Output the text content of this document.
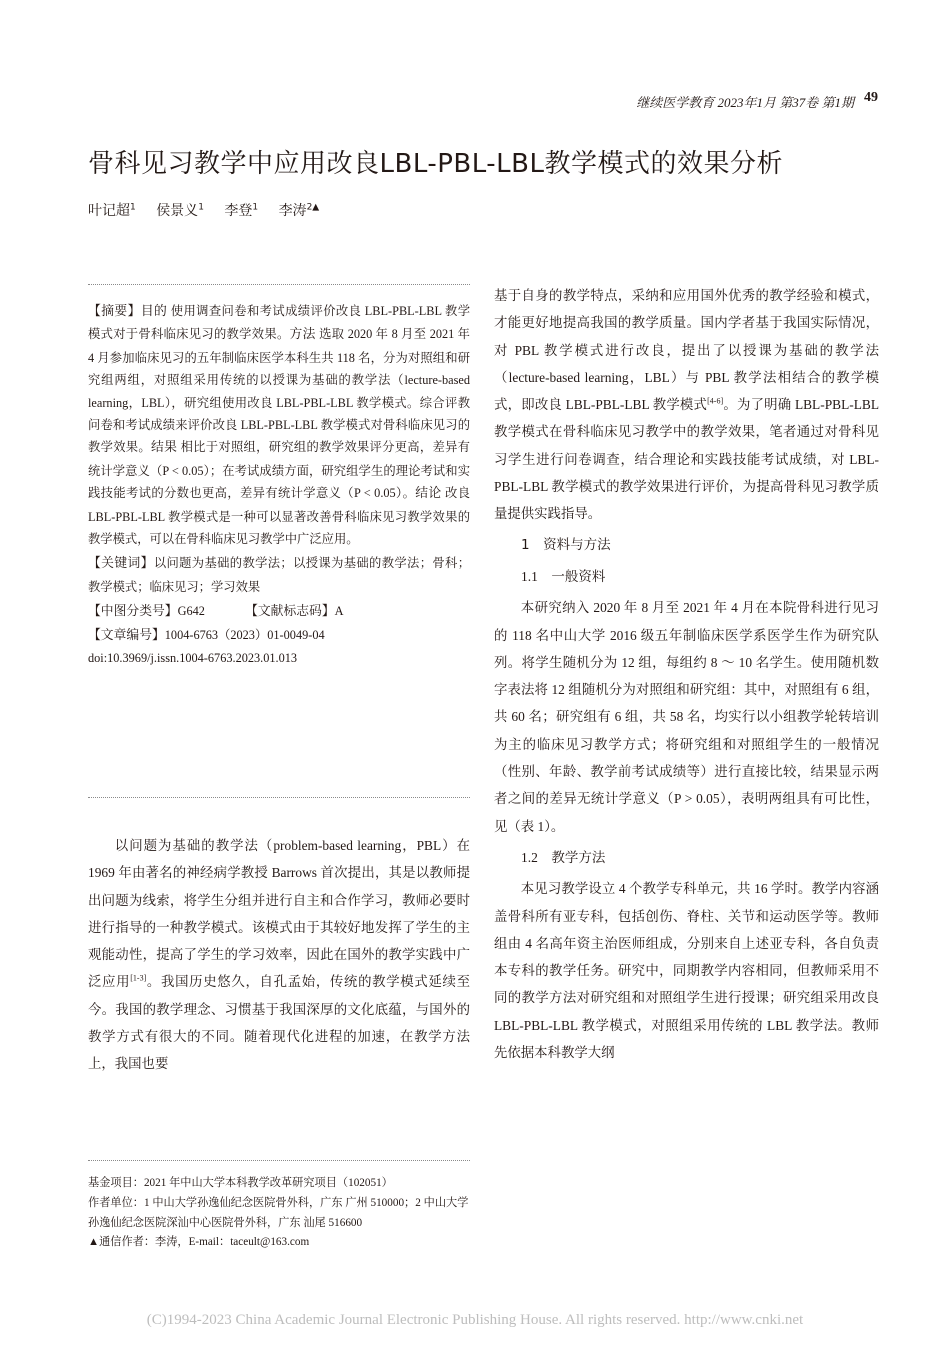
继续医学教育 2023年1月 第37卷 第1期 49
骨科见习教学中应用改良LBL-PBL-LBL教学模式的效果分析
叶记超$^1$ 侯景义$^1$ 李登$^1$ 李涛$^{2▲}$

【摘要】目的 使用调查问卷和考试成绩评价改良 LBL-PBL-LBL 教学模式对于骨科临床见习的教学效果。方法 选取 2020 年 8 月至 2021 年 4 月参加临床见习的五年制临床医学本科生共 118 名，分为对照组和研究组两组，对照组采用传统的以授课为基础的教学法（lecture-based learning，LBL），研究组使用改良 LBL-PBL-LBL 教学模式。综合评教问卷和考试成绩来评价改良 LBL-PBL-LBL 教学模式对骨科临床见习的教学效果。结果 相比于对照组，研究组的教学效果评分更高，差异有统计学意义（P < 0.05）；在考试成绩方面，研究组学生的理论考试和实践技能考试的分数也更高，差异有统计学意义（P < 0.05）。结论 改良 LBL-PBL-LBL 教学模式是一种可以显著改善骨科临床见习教学效果的教学模式，可以在骨科临床见习教学中广泛应用。

【关键词】以问题为基础的教学法；以授课为基础的教学法；骨科；教学模式；临床见习；学习效果

【中图分类号】G642	【文献标志码】A

【文章编号】1004-6763（2023）01-0049-04

doi:10.3969/j.issn.1004-6763.2023.01.013

以问题为基础的教学法（problem-based learning，PBL）在 1969 年由著名的神经病学教授 Barrows 首次提出，其是以教师提出问题为线索，将学生分组并进行自主和合作学习，教师必要时进行指导的一种教学模式。该模式由于其较好地发挥了学生的主观能动性，提高了学生的学习效率，因此在国外的教学实践中广泛应用[1-3]。我国历史悠久，自孔孟始，传统的教学模式延续至今。我国的教学理念、习惯基于我国深厚的文化底蕴，与国外的教学方式有很大的不同。随着现代化进程的加速，在教学方法上，我国也要

基金项目：2021 年中山大学本科教学改革研究项目（102051）

作者单位：1 中山大学孙逸仙纪念医院骨外科，广东 广州 510000；2 中山大学孙逸仙纪念医院深汕中心医院骨外科，广东 汕尾 516600

▲通信作者：李涛，E-mail：taceult@163.com

基于自身的教学特点，采纳和应用国外优秀的教学经验和模式，才能更好地提高我国的教学质量。国内学者基于我国实际情况，对 PBL 教学模式进行改良，提出了以授课为基础的教学法（lecture-based learning，LBL）与 PBL 教学法相结合的教学模式，即改良 LBL-PBL-LBL 教学模式[4-6]。为了明确 LBL-PBL-LBL 教学模式在骨科临床见习教学中的教学效果，笔者通过对骨科见习学生进行问卷调查，结合理论和实践技能考试成绩，对 LBL-PBL-LBL 教学模式的教学效果进行评价，为提高骨科见习教学质量提供实践指导。

1　资料与方法

1.1　一般资料

本研究纳入 2020 年 8 月至 2021 年 4 月在本院骨科进行见习的 118 名中山大学 2016 级五年制临床医学系医学生作为研究队列。将学生随机分为 12 组，每组约 8 ～ 10 名学生。使用随机数字表法将 12 组随机分为对照组和研究组：其中，对照组有 6 组，共 60 名；研究组有 6 组，共 58 名，均实行以小组教学轮转培训为主的临床见习教学方式；将研究组和对照组学生的一般情况（性别、年龄、教学前考试成绩等）进行直接比较，结果显示两者之间的差异无统计学意义（P > 0.05），表明两组具有可比性，见（表 1）。

1.2　教学方法

本见习教学设立 4 个教学专科单元，共 16 学时。教学内容涵盖骨科所有亚专科，包括创伤、脊柱、关节和运动医学等。教师组由 4 名高年资主治医师组成，分别来自上述亚专科，各自负责本专科的教学任务。研究中，同期教学内容相同，但教师采用不同的教学方法对研究组和对照组学生进行授课；研究组采用改良 LBL-PBL-LBL 教学模式，对照组采用传统的 LBL 教学法。教师先依据本科教学大纲

(C)1994-2023 China Academic Journal Electronic Publishing House. All rights reserved. http://www.cnki.net
